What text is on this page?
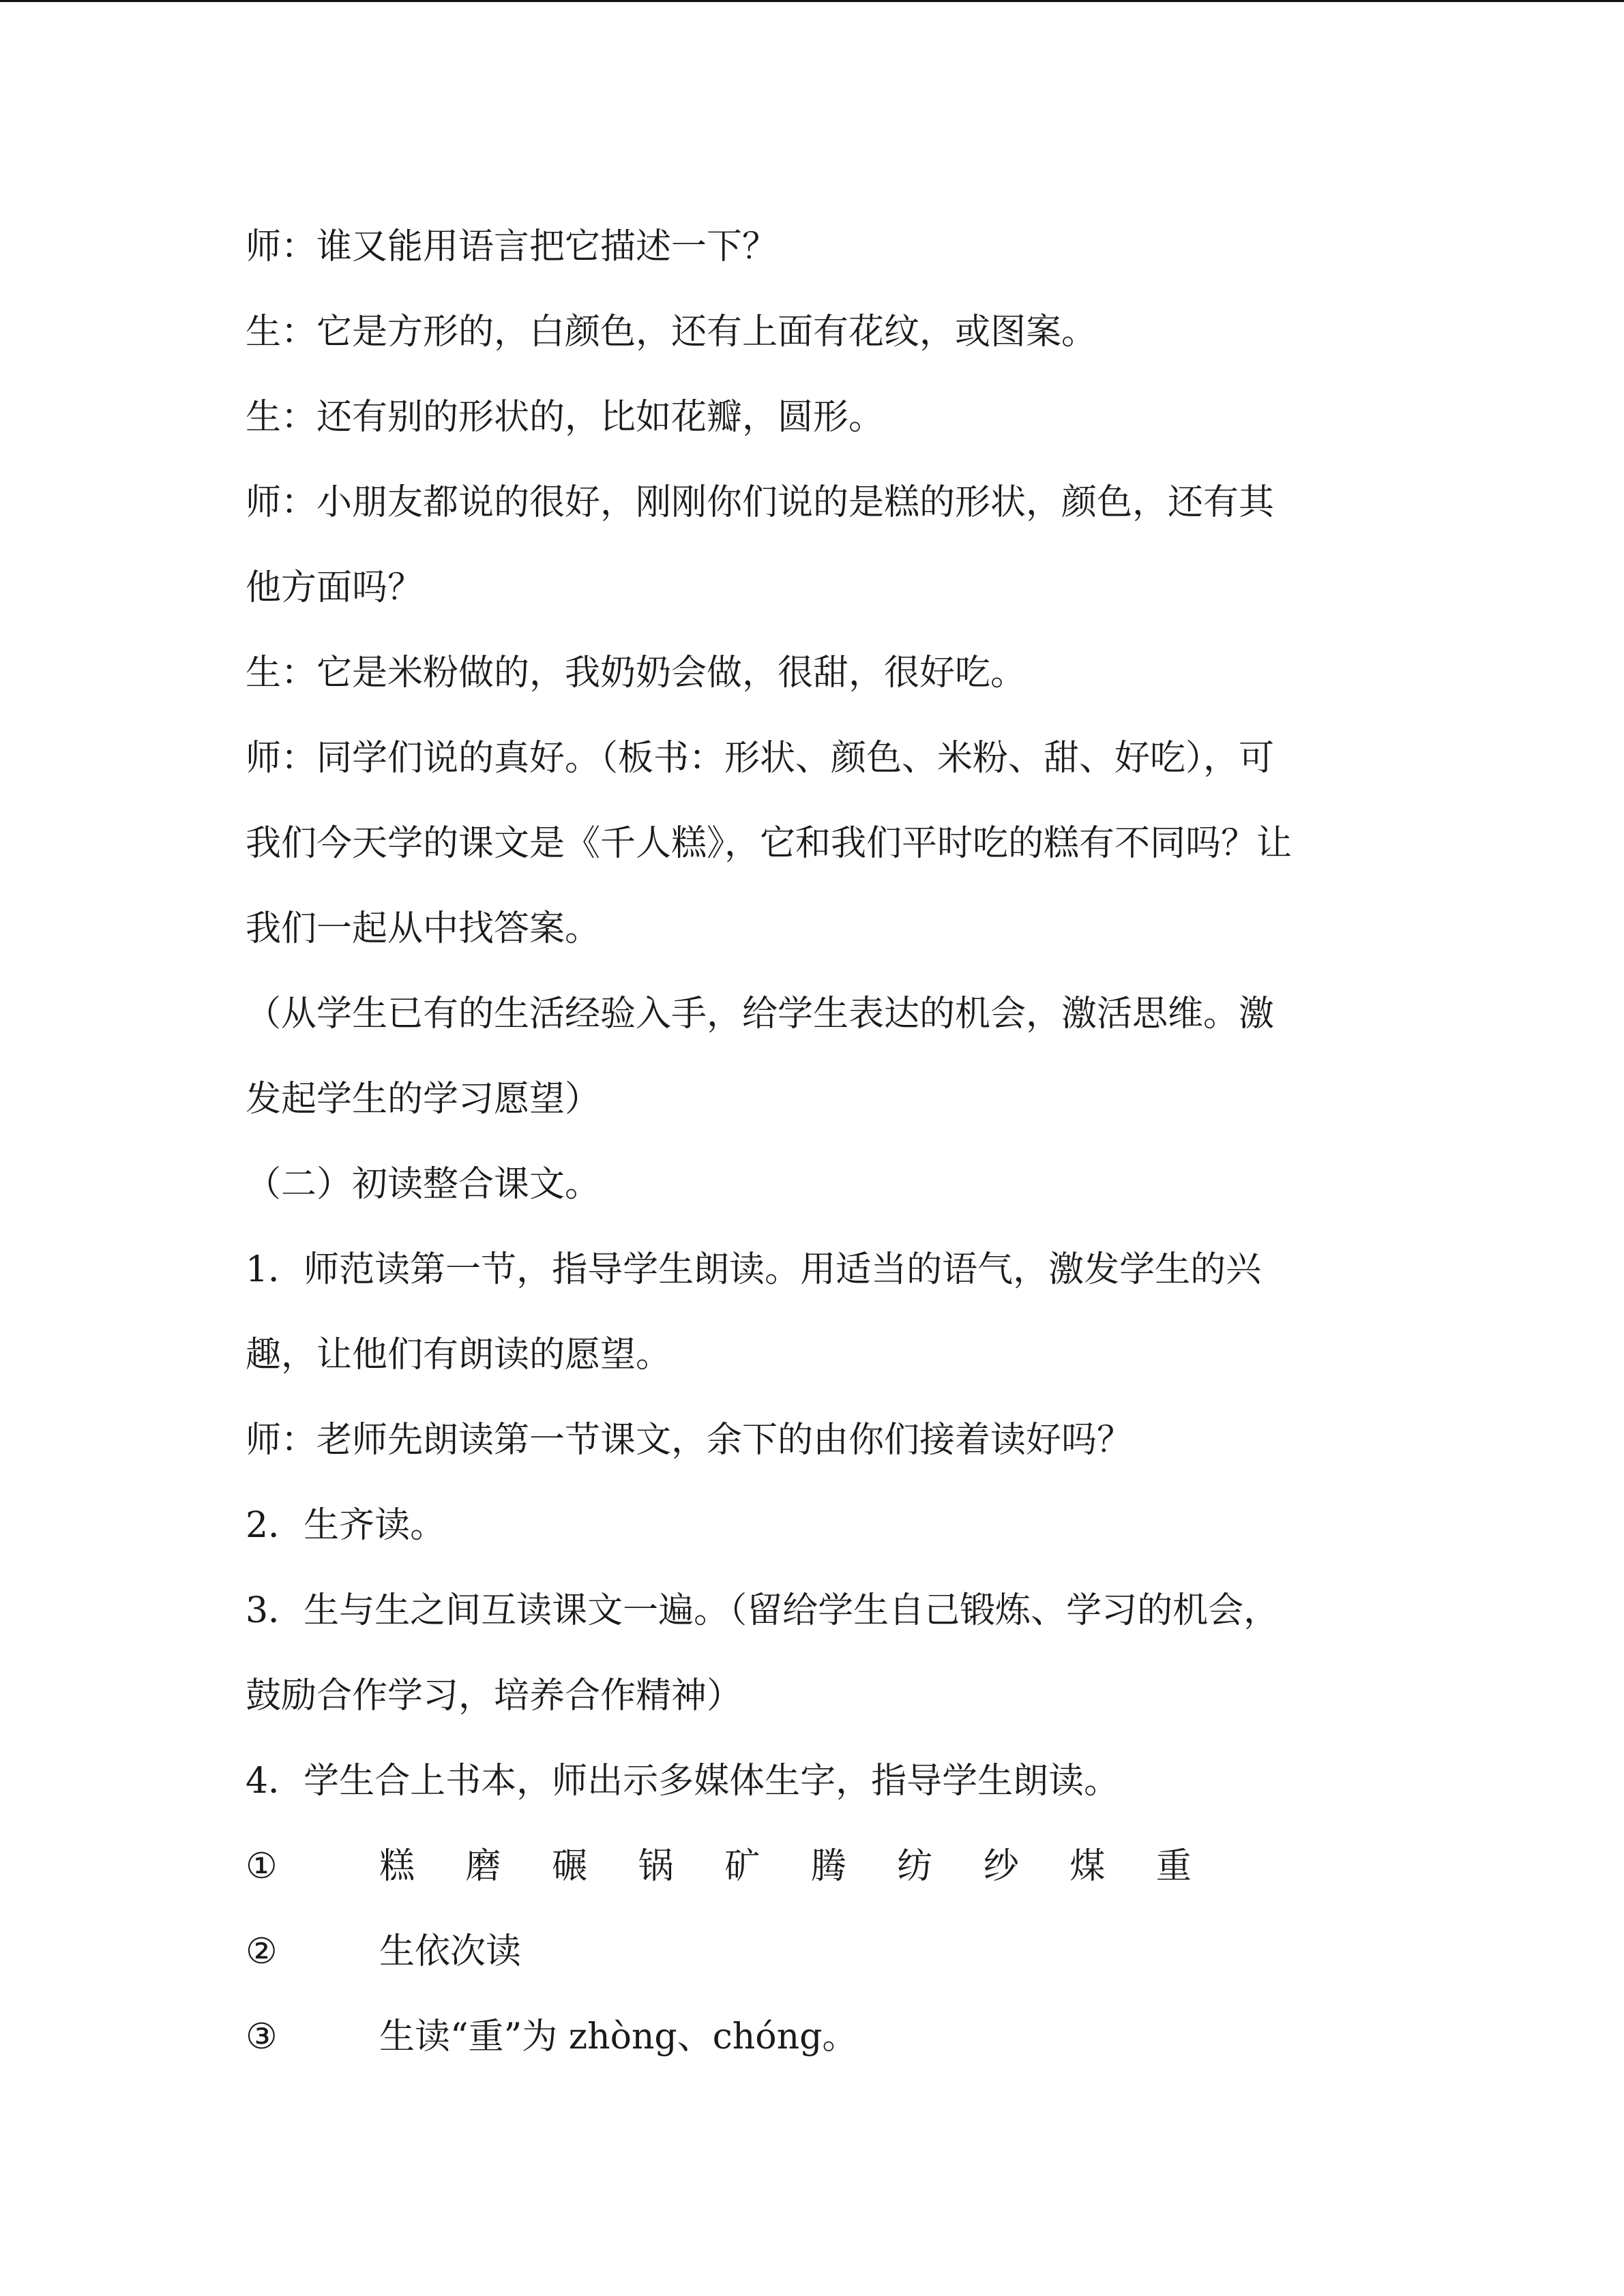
师：谁又能用语言把它描述一下？
生：它是方形的，白颜色，还有上面有花纹，或图案。
生：还有别的形状的，比如花瓣，圆形。
师：小朋友都说的很好，刚刚你们说的是糕的形状，颜色，还有其
他方面吗？
生：它是米粉做的，我奶奶会做，很甜，很好吃。
师：同学们说的真好。（板书：形状、颜色、米粉、甜、好吃），可
我们今天学的课文是《千人糕》，它和我们平时吃的糕有不同吗？让
我们一起从中找答案。
（从学生已有的生活经验入手，给学生表达的机会，激活思维。激
发起学生的学习愿望）
（二）初读整合课文。
1．师范读第一节，指导学生朗读。用适当的语气，激发学生的兴
趣，让他们有朗读的愿望。
师：老师先朗读第一节课文，余下的由你们接着读好吗？
2．生齐读。
3．生与生之间互读课文一遍。（留给学生自己锻炼、学习的机会，
鼓励合作学习，培养合作精神）
4．学生合上书本，师出示多媒体生字，指导学生朗读。
①	糕 磨 碾 锅 矿 腾 纺 纱 煤 重
②	生依次读
③	生读“重”为 zhòng、chóng。
